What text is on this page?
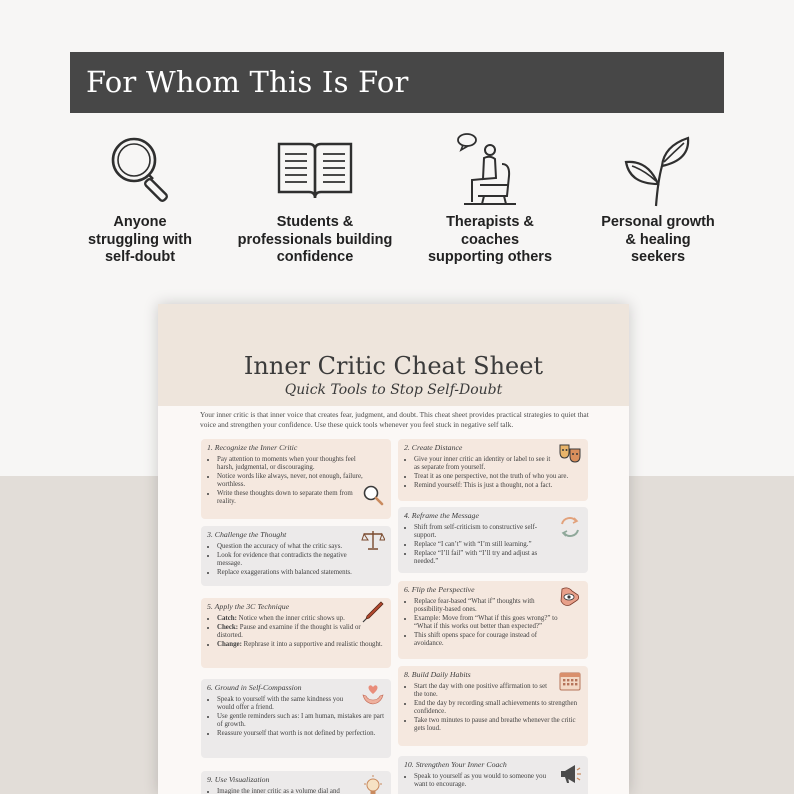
For Whom This Is For
Anyone
struggling with
self-doubt
Students &
professionals building
confidence
Therapists &
coaches
supporting others
Personal growth
& healing
seekers
Inner Critic Cheat Sheet
Quick Tools to Stop Self-Doubt
Your inner critic is that inner voice that creates fear, judgment, and doubt. This cheat sheet provides practical strategies to quiet that voice and strengthen your confidence. Use these quick tools whenever you feel stuck in negative self talk.
1. Recognize the Inner Critic
• Pay attention to moments when your thoughts feel harsh, judgmental, or discouraging.
• Notice words like always, never, not enough, failure, worthless.
• Write these thoughts down to separate them from reality.
2. Create Distance
• Give your inner critic an identity or label to see it as separate from yourself.
• Treat it as one perspective, not the truth of who you are.
• Remind yourself: This is just a thought, not a fact.
3. Challenge the Thought
• Question the accuracy of what the critic says.
• Look for evidence that contradicts the negative message.
• Replace exaggerations with balanced statements.
4. Reframe the Message
• Shift from self-criticism to constructive self-support.
• Replace “I can’t” with “I’m still learning.”
• Replace “I’ll fail” with “I’ll try and adjust as needed.”
5. Apply the 3C Technique
• Catch: Notice when the inner critic shows up.
• Check: Pause and examine if the thought is valid or distorted.
• Change: Rephrase it into a supportive and realistic thought.
6. Flip the Perspective
• Replace fear-based “What if” thoughts with possibility-based ones.
• Example: Move from “What if this goes wrong?” to “What if this works out better than expected?”
• This shift opens space for courage instead of avoidance.
6. Ground in Self-Compassion
• Speak to yourself with the same kindness you would offer a friend.
• Use gentle reminders such as: I am human, mistakes are part of growth.
• Reassure yourself that worth is not defined by perfection.
8. Build Daily Habits
• Start the day with one positive affirmation to set the tone.
• End the day by recording small achievements to strengthen confidence.
• Take two minutes to pause and breathe whenever the critic gets loud.
9. Use Visualization
• Imagine the inner critic as a volume dial and
10. Strengthen Your Inner Coach
• Speak to yourself as you would to someone you want to encourage.
